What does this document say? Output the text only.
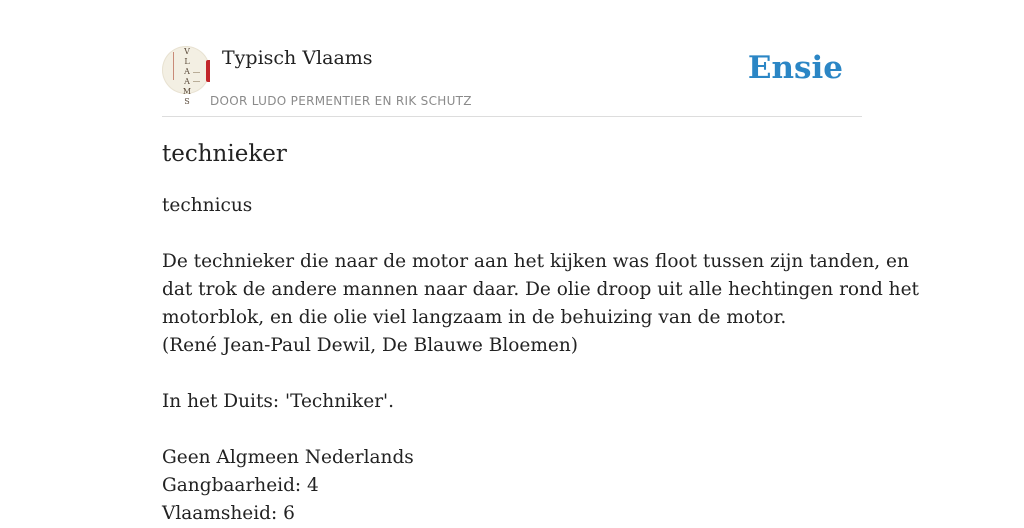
V
L
A
A
M
S
Typisch Vlaams
DOOR LUDO PERMENTIER EN RIK SCHUTZ
Ensie
technieker
technicus
De technieker die naar de motor aan het kijken was floot tussen zijn tanden, en
dat trok de andere mannen naar daar. De olie droop uit alle hechtingen rond het
motorblok, en die olie viel langzaam in de behuizing van de motor.
(René Jean-Paul Dewil, De Blauwe Bloemen)
In het Duits: 'Techniker'.
Geen Algmeen Nederlands
Gangbaarheid: 4
Vlaamsheid: 6
